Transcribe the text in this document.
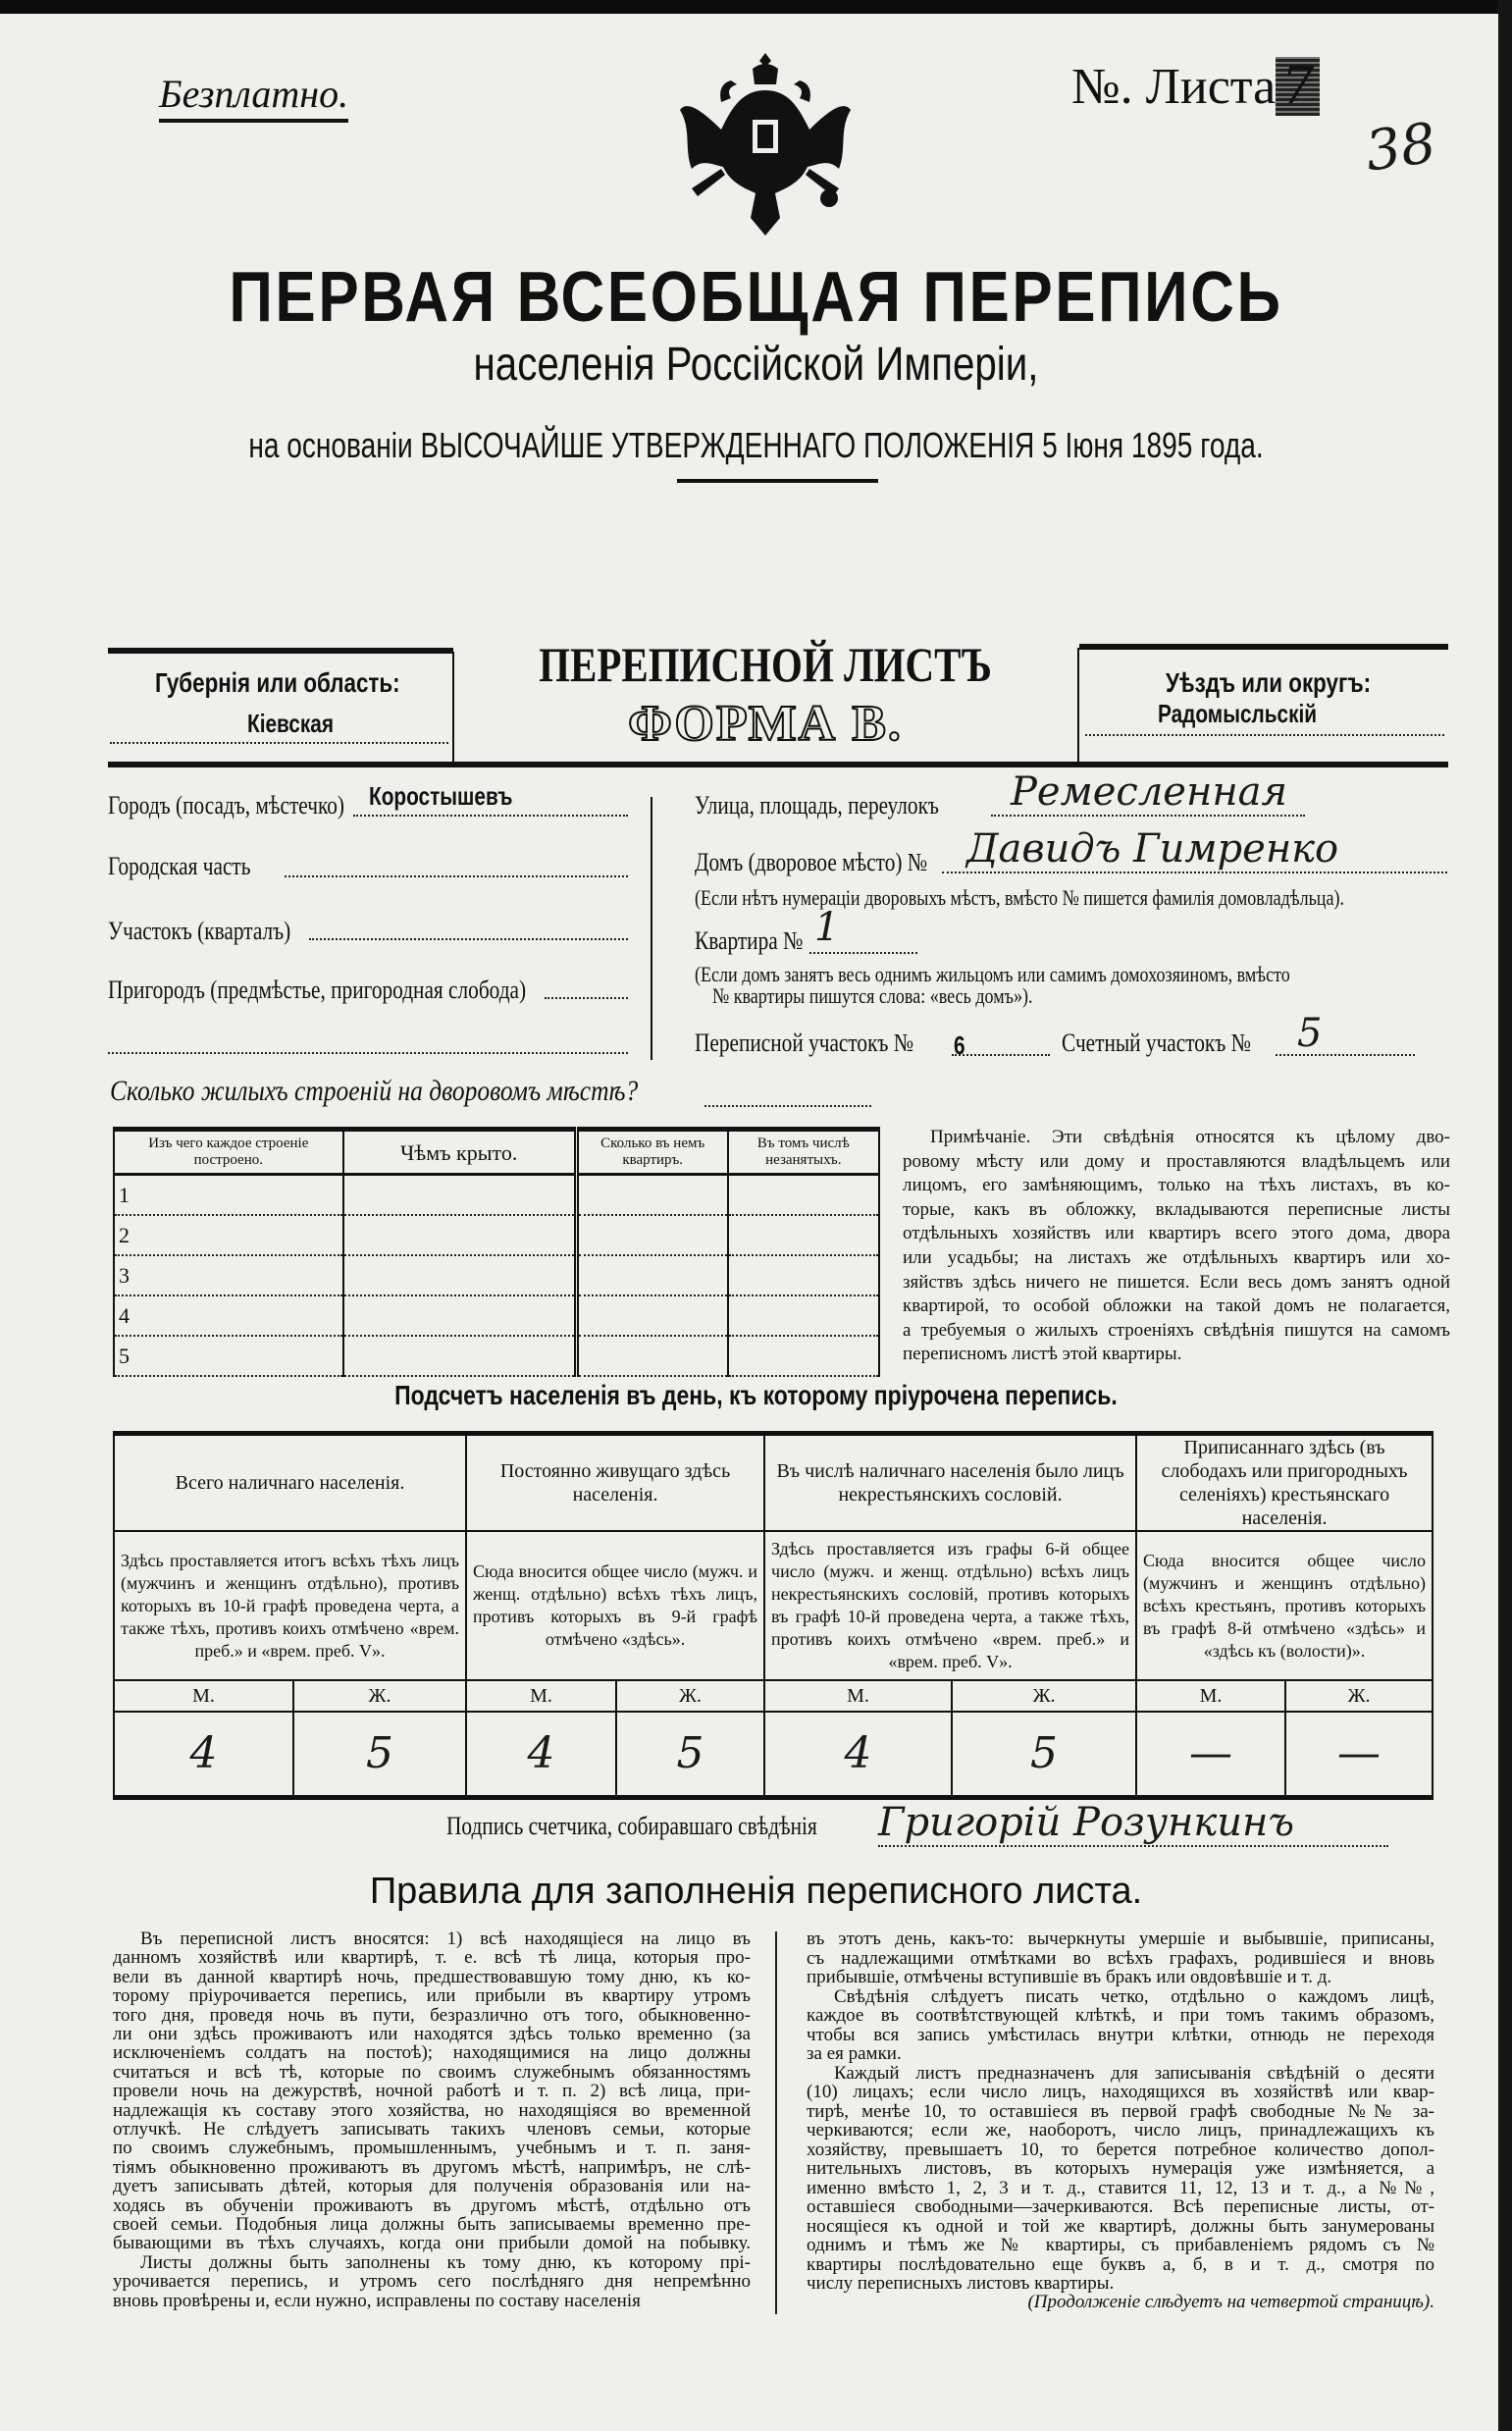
Безплатно.	№. Листа 7
38
ПЕРВАЯ ВСЕОБЩАЯ ПЕРЕПИСЬ
населенія Россійской Имперіи,
на основаніи ВЫСОЧАЙШЕ УТВЕРЖДЕННАГО ПОЛОЖЕНІЯ 5 Іюня 1895 года.
Губернія или область:
Кіевская
ПЕРЕПИСНОЙ ЛИСТЪ
ФОРМА В.
Уѣздъ или округъ:
Радомысльскій
Городъ (посадъ, мѣстечко) Коростышевъ
Городская часть
Участокъ (кварталъ)
Пригородъ (предмѣстье, пригородная слобода)
Улица, площадь, переулокъ Ремесленная
Домъ (дворовое мѣсто) № Давидъ Гимренко
(Если нѣтъ нумераціи дворовыхъ мѣстъ, вмѣсто № пишется фамилія домовладѣльца).
Квартира № 1
(Если домъ занятъ весь однимъ жильцомъ или самимъ домохозяиномъ, вмѣсто
№ квартиры пишутся слова: «весь домъ»).
Переписной участокъ № 6	Счетный участокъ № 5
Сколько жилыхъ строеній на дворовомъ мѣстѣ?
Изъ чего каждое строеніе построено.	Чѣмъ крыто.	Сколько въ немъ квартиръ.	Въ томъ числѣ незанятыхъ.
1			
2			
3			
4			
5			
Примѣчаніе. Эти свѣдѣнія относятся къ цѣлому дво-
ровому мѣсту или дому и проставляются владѣльцемъ или
лицомъ, его замѣняющимъ, только на тѣхъ листахъ, въ ко-
торые, какъ въ обложку, вкладываются переписные листы
отдѣльныхъ хозяйствъ или квартиръ всего этого дома, двора
или усадьбы; на листахъ же отдѣльныхъ квартиръ или хо-
зяйствъ здѣсь ничего не пишется. Если весь домъ занятъ одной
квартирой, то особой обложки на такой домъ не полагается,
а требуемыя о жилыхъ строеніяхъ свѣдѣнія пишутся на самомъ
переписномъ листѣ этой квартиры.
Подсчетъ населенія въ день, къ которому пріурочена перепись.
Всего наличнаго населенія.		Постоянно живущаго здѣсь населенія.		Въ числѣ наличнаго населенія было лицъ некрестьянскихъ сословій.		Приписаннаго здѣсь (въ слободахъ или пригородныхъ селеніяхъ) крестьянскаго населенія.	
Здѣсь проставляется итогъ всѣхъ тѣхъ лицъ (мужчинъ и женщинъ отдѣльно), противъ которыхъ въ 10-й графѣ проведена черта, а также тѣхъ, противъ коихъ отмѣчено «врем. преб.» и «врем. преб. V».		Сюда вносится общее число (мужч. и женщ. отдѣльно) всѣхъ тѣхъ лицъ, противъ которыхъ въ 9-й графѣ отмѣчено «здѣсь».		Здѣсь проставляется изъ графы 6-й общее число (мужч. и женщ. отдѣльно) всѣхъ лицъ некрестьянскихъ сословій, противъ которыхъ въ графѣ 10-й проведена черта, а также тѣхъ, противъ коихъ отмѣчено «врем. преб.» и «врем. преб. V».		Сюда вносится общее число (мужчинъ и женщинъ отдѣльно) всѣхъ крестьянъ, противъ которыхъ въ графѣ 8-й отмѣчено «здѣсь» и «здѣсь къ (волости)».	
М.	Ж.	М.	Ж.	М.	Ж.	М.	Ж.
4	5	4	5	4	5	—	—
Подпись счетчика, собиравшаго свѣдѣнія Григорій Розункинъ
Правила для заполненія переписного листа.
Въ переписной листъ вносятся: 1) всѣ находящіеся на лицо въ
данномъ хозяйствѣ или квартирѣ, т. е. всѣ тѣ лица, которыя про-
вели въ данной квартирѣ ночь, предшествовавшую тому дню, къ ко-
торому пріурочивается перепись, или прибыли въ квартиру утромъ
того дня, проведя ночь въ пути, безразлично отъ того, обыкновенно-
ли они здѣсь проживаютъ или находятся здѣсь только временно (за
исключеніемъ солдатъ на постоѣ); находящимися на лицо должны
считаться и всѣ тѣ, которые по своимъ служебнымъ обязанностямъ
провели ночь на дежурствѣ, ночной работѣ и т. п. 2) всѣ лица, при-
надлежащія къ составу этого хозяйства, но находящіяся во временной
отлучкѣ. Не слѣдуетъ записывать такихъ членовъ семьи, которые
по своимъ служебнымъ, промышленнымъ, учебнымъ и т. п. заня-
тіямъ обыкновенно проживаютъ въ другомъ мѣстѣ, напримѣръ, не слѣ-
дуетъ записывать дѣтей, которыя для полученія образованія или на-
ходясь въ обученіи проживаютъ въ другомъ мѣстѣ, отдѣльно отъ
своей семьи. Подобныя лица должны быть записываемы временно пре-
бывающими въ тѣхъ случаяхъ, когда они прибыли домой на побывку.
Листы должны быть заполнены къ тому дню, къ которому прі-
урочивается перепись, и утромъ сего послѣдняго дня непремѣнно
вновь провѣрены и, если нужно, исправлены по составу населенія
въ этотъ день, какъ-то: вычеркнуты умершіе и выбывшіе, приписаны,
съ надлежащими отмѣтками во всѣхъ графахъ, родившіеся и вновь
прибывшіе, отмѣчены вступившіе въ бракъ или овдовѣвшіе и т. д.
Свѣдѣнія слѣдуетъ писать четко, отдѣльно о каждомъ лицѣ,
каждое въ соотвѣтствующей клѣткѣ, и при томъ такимъ образомъ,
чтобы вся запись умѣстилась внутри клѣтки, отнюдь не переходя
за ея рамки.
Каждый листъ предназначенъ для записыванія свѣдѣній о десяти
(10) лицахъ; если число лицъ, находящихся въ хозяйствѣ или квар-
тирѣ, менѣе 10, то оставшіеся въ первой графѣ свободные №№ за-
черкиваются; если же, наоборотъ, число лицъ, принадлежащихъ къ
хозяйству, превышаетъ 10, то берется потребное количество допол-
нительныхъ листовъ, въ которыхъ нумерація уже измѣняется, а
именно вмѣсто 1, 2, 3 и т. д., ставится 11, 12, 13 и т. д., а №№,
оставшіеся свободными—зачеркиваются. Всѣ переписные листы, от-
носящіеся къ одной и той же квартирѣ, должны быть занумерованы
однимъ и тѣмъ же № квартиры, съ прибавленіемъ рядомъ съ №
квартиры послѣдовательно еще буквъ а, б, в и т. д., смотря по
числу переписныхъ листовъ квартиры.
(Продолженіе слѣдуетъ на четвертой страницѣ).
